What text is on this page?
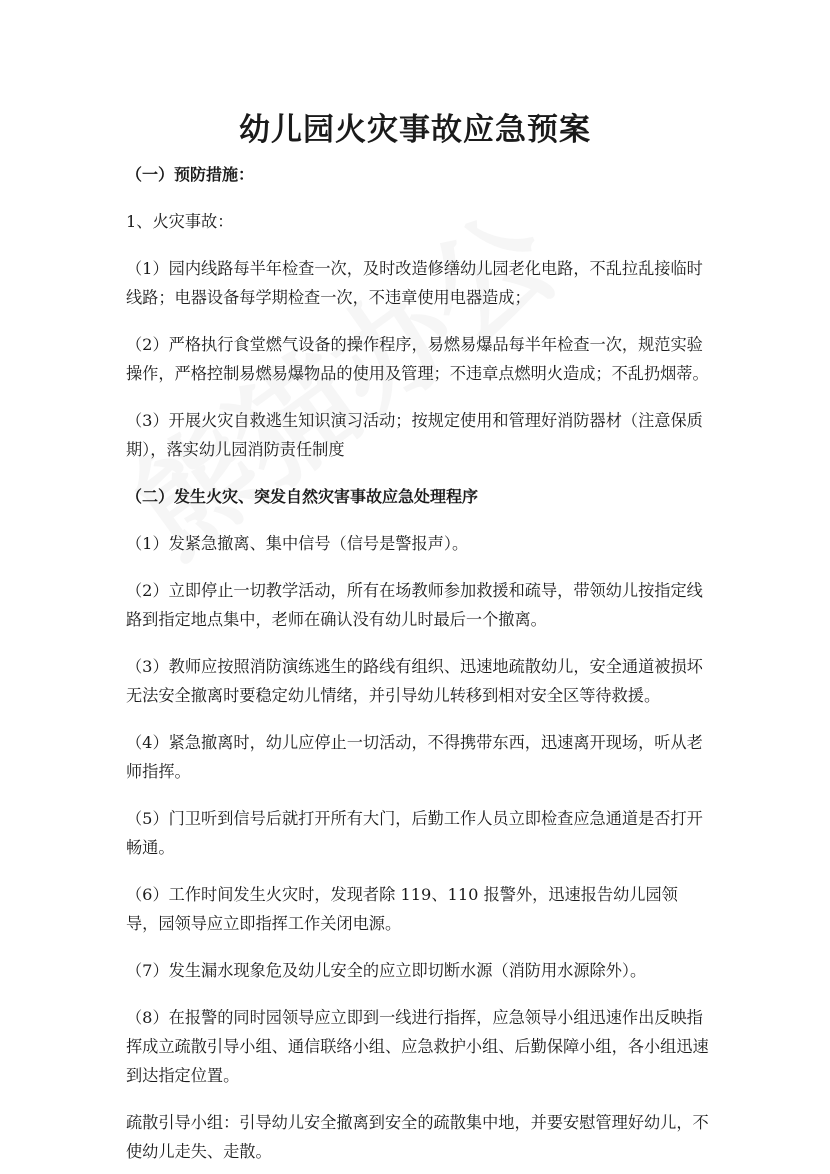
幼儿园火灾事故应急预案
（一）预防措施：
1、火灾事故：
（1）园内线路每半年检查一次，及时改造修缮幼儿园老化电路，不乱拉乱接临时线路；电器设备每学期检查一次，不违章使用电器造成；
（2）严格执行食堂燃气设备的操作程序，易燃易爆品每半年检查一次，规范实验操作，严格控制易燃易爆物品的使用及管理；不违章点燃明火造成；不乱扔烟蒂。
（3）开展火灾自救逃生知识演习活动；按规定使用和管理好消防器材（注意保质期），落实幼儿园消防责任制度
（二）发生火灾、突发自然灾害事故应急处理程序
（1）发紧急撤离、集中信号（信号是警报声）。
（2）立即停止一切教学活动，所有在场教师参加救援和疏导，带领幼儿按指定线路到指定地点集中，老师在确认没有幼儿时最后一个撤离。
（3）教师应按照消防演练逃生的路线有组织、迅速地疏散幼儿，安全通道被损坏无法安全撤离时要稳定幼儿情绪，并引导幼儿转移到相对安全区等待救援。
（4）紧急撤离时，幼儿应停止一切活动，不得携带东西，迅速离开现场，听从老师指挥。
（5）门卫听到信号后就打开所有大门，后勤工作人员立即检查应急通道是否打开畅通。
（6）工作时间发生火灾时，发现者除 119、110 报警外，迅速报告幼儿园领导，园领导应立即指挥工作关闭电源。
（7）发生漏水现象危及幼儿安全的应立即切断水源（消防用水源除外）。
（8）在报警的同时园领导应立即到一线进行指挥，应急领导小组迅速作出反映指挥成立疏散引导小组、通信联络小组、应急救护小组、后勤保障小组，各小组迅速到达指定位置。
疏散引导小组：引导幼儿安全撤离到安全的疏散集中地，并要安慰管理好幼儿，不使幼儿走失、走散。
